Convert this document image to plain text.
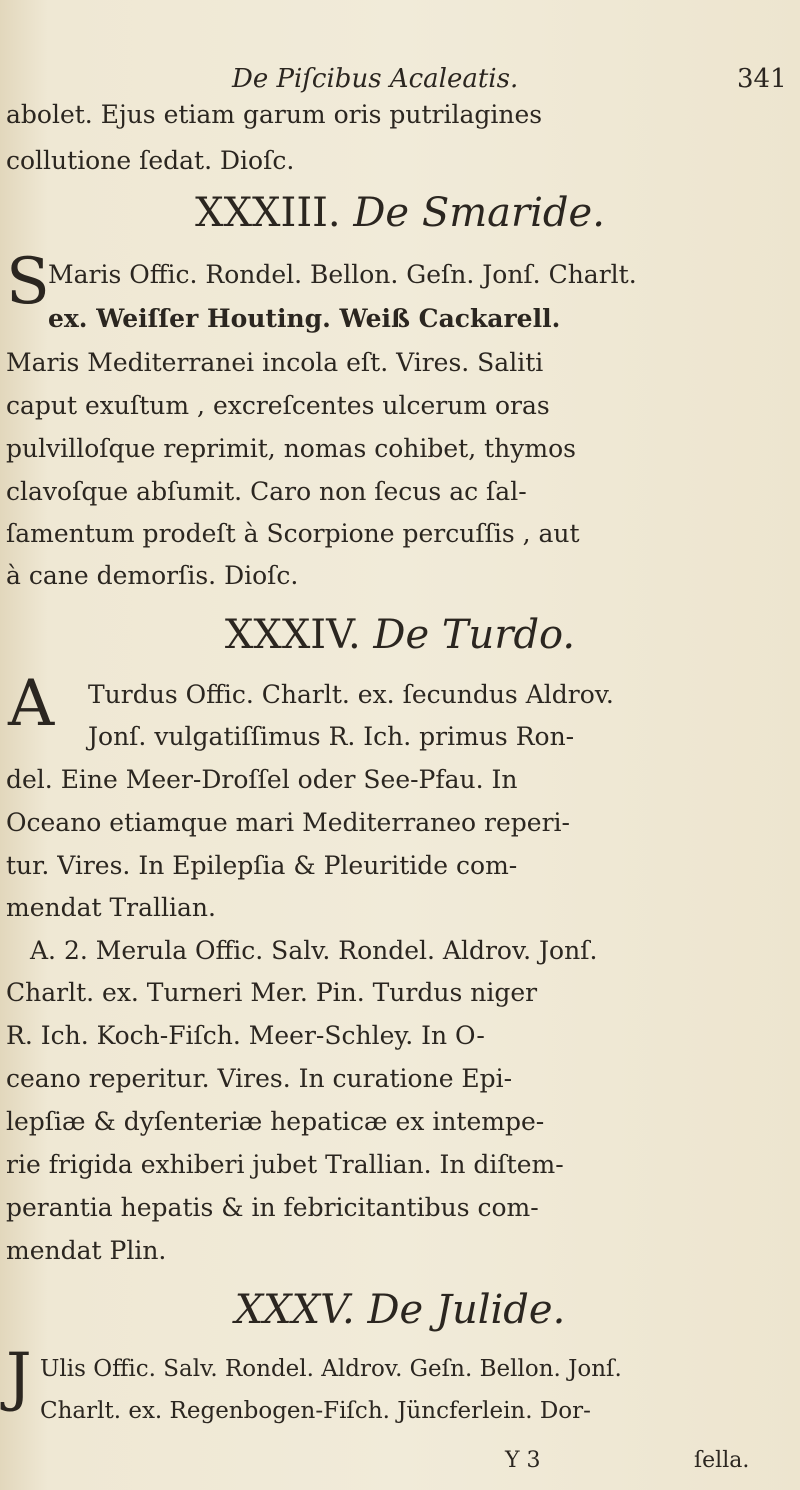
De Piſcibus Acaleatis.	341
abolet. Ejus etiam garum oris putrilagines
collutione ſedat. Dioſc.
XXXIII. De Smaride.
S
Maris Offic. Rondel. Bellon. Geſn. Jonſ. Charlt.
ex. Weiſſer Houting. Weiß Cackarell.
Maris Mediterranei incola eſt. Vires. Saliti
caput exuſtum , excreſcentes ulcerum oras
pulvilloſque reprimit, nomas cohibet, thymos
clavoſque abſumit. Caro non ſecus ac ſal-
ſamentum prodeſt à Scorpione percuſſis , aut
à cane demorſis. Dioſc.
XXXIV. De Turdo.
A Turdus Offic. Charlt. ex. ſecundus Aldrov.
Jonſ. vulgatiſſimus R. Ich. primus Ron-
del. Eine Meer-Droſſel oder See-Pfau. In
Oceano etiamque mari Mediterraneo reperi-
tur. Vires. In Epilepſia & Pleuritide com-
mendat Trallian.
A. 2. Merula Offic. Salv. Rondel. Aldrov. Jonſ.
Charlt. ex. Turneri Mer. Pin. Turdus niger
R. Ich. Koch-Fiſch. Meer-Schley. In O-
ceano reperitur. Vires. In curatione Epi-
lepſiæ & dyſenteriæ hepaticæ ex intempe-
rie frigida exhiberi jubet Trallian. In diſtem-
perantia hepatis & in febricitantibus com-
mendat Plin.
XXXV. De Julide.
J Ulis Offic. Salv. Rondel. Aldrov. Geſn. Bellon. Jonſ.
Charlt. ex. Regenbogen-Fiſch. Jüncferlein. Dor-
Y 3	ſella.
